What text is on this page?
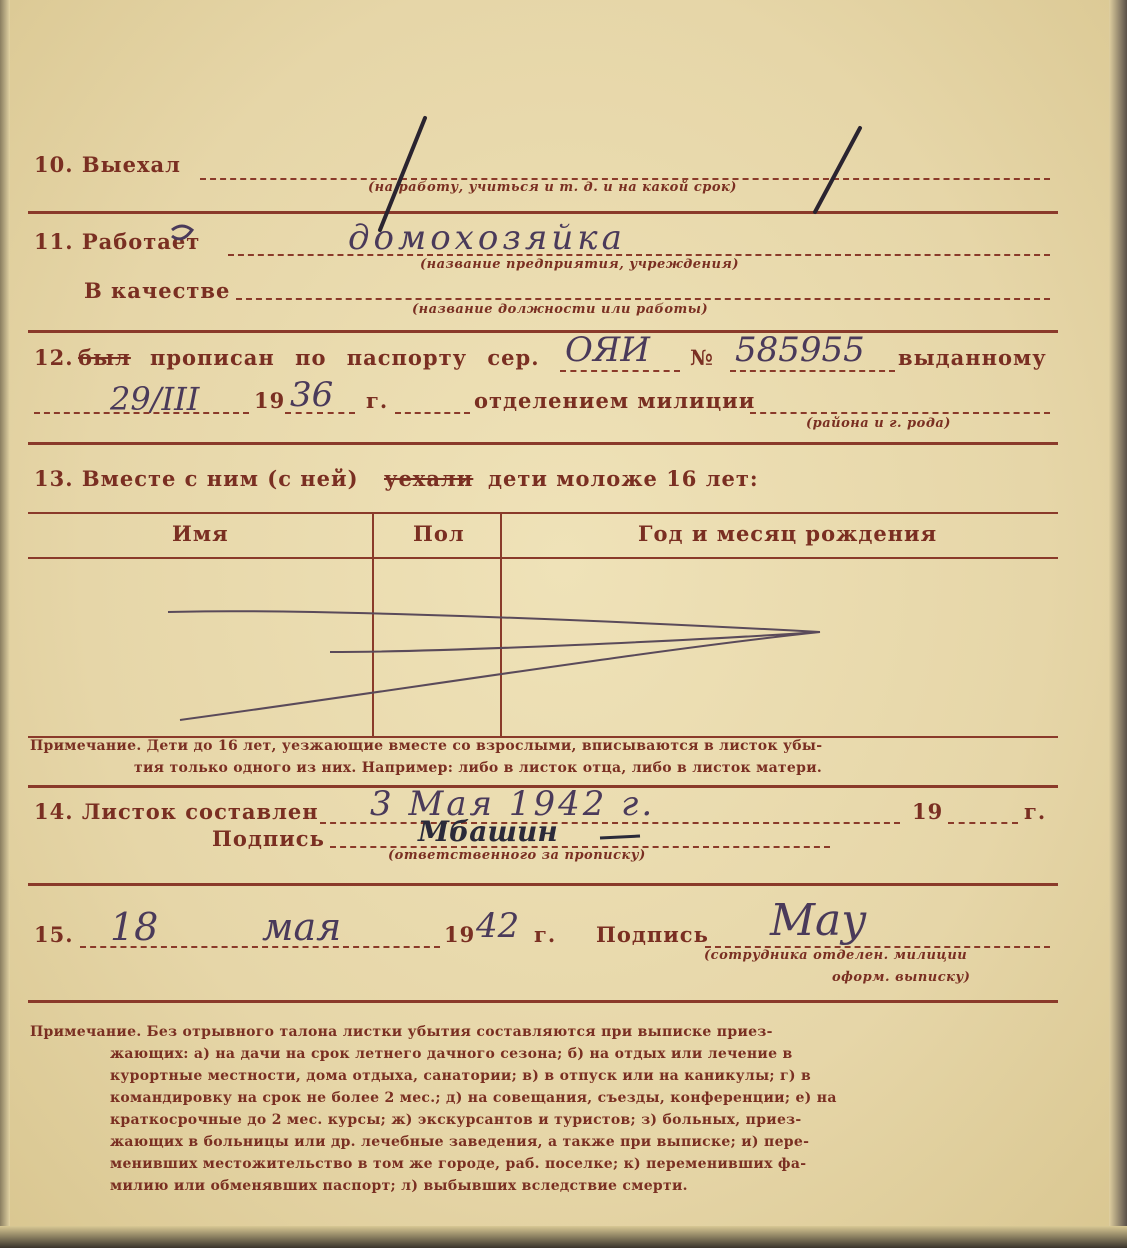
10. Выехал
(на работу, учиться и т. д. и на какой срок)
11. Работает	домохозяйка
(название предприятия, учреждения)
В качестве
(название должности или работы)
12. был прописан по паспорту сер. ОЯИ № 585955 выданному
29/III	19 36 г.	отделением милиции
(района и г. рода)
13. Вместе с ним (с ней) уехали дети моложе 16 лет:
Имя	Пол	Год и месяц рождения
Примечание. Дети до 16 лет, уезжающие вместе со взрослыми, вписываются в листок убы-
тия только одного из них. Например: либо в листок отца, либо в листок матери.
14. Листок составлен 3 Мая 1942 г.	19	г.
Подпись	Мбашин
(ответственного за прописку)
15. 18	мая	19 42 г. Подпись Мау
(сотрудника отделен. милиции
оформ. выписку)
Примечание. Без отрывного талона листки убытия составляются при выписке приез-
жающих: а) на дачи на срок летнего дачного сезона; б) на отдых или лечение в
курортные местности, дома отдыха, санатории; в) в отпуск или на каникулы; г) в
командировку на срок не более 2 мес.; д) на совещания, съезды, конференции; е) на
краткосрочные до 2 мес. курсы; ж) экскурсантов и туристов; з) больных, приез-
жающих в больницы или др. лечебные заведения, а также при выписке; и) пере-
менивших местожительство в том же городе, раб. поселке; к) переменивших фа-
милию или обменявших паспорт; л) выбывших вследствие смерти.
